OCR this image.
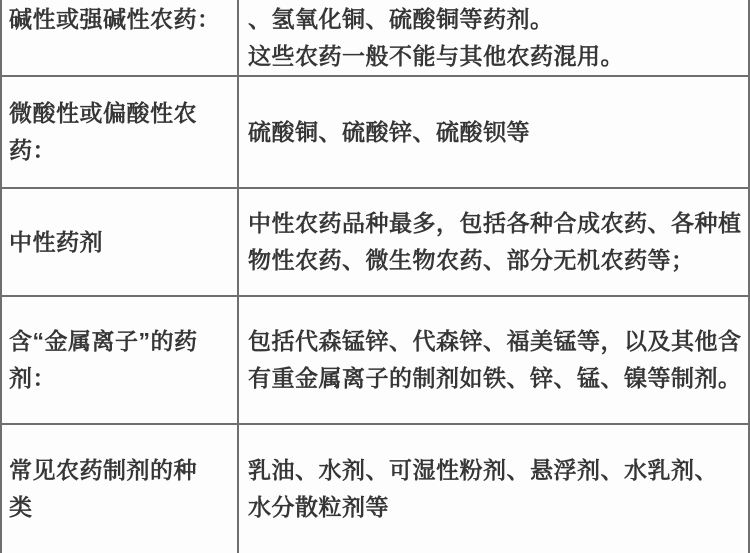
碱性或强碱性农药：	、氢氧化铜、硫酸铜等药剂。
这些农药一般不能与其他农药混用。
微酸性或偏酸性农
药：
硫酸铜、硫酸锌、硫酸钡等
中性药剂
中性农药品种最多，包括各种合成农药、各种植
物性农药、微生物农药、部分无机农药等；
含“金属离子”的药
剂：
包括代森锰锌、代森锌、福美锰等，以及其他含
有重金属离子的制剂如铁、锌、锰、镍等制剂。
常见农药制剂的种
类
乳油、水剂、可湿性粉剂、悬浮剂、水乳剂、
水分散粒剂等
